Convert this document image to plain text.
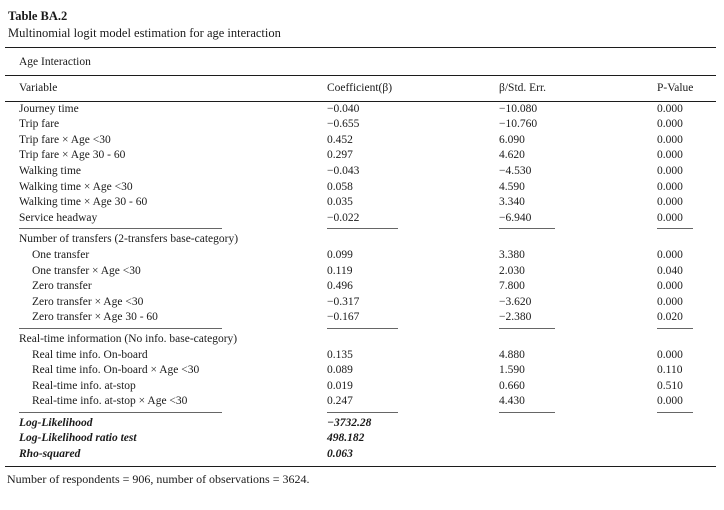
Table BA.2
Multinomial logit model estimation for age interaction
Age Interaction
Variable	Coefficient(β)	β/Std. Err.	P-Value
Journey time	−0.040	−10.080	0.000
Trip fare	−0.655	−10.760	0.000
Trip fare × Age <30	0.452	6.090	0.000
Trip fare × Age 30 - 60	0.297	4.620	0.000
Walking time	−0.043	−4.530	0.000
Walking time × Age <30	0.058	4.590	0.000
Walking time × Age 30 - 60	0.035	3.340	0.000
Service headway	−0.022	−6.940	0.000
Number of transfers (2-transfers base-category)
One transfer	0.099	3.380	0.000
One transfer × Age <30	0.119	2.030	0.040
Zero transfer	0.496	7.800	0.000
Zero transfer × Age <30	−0.317	−3.620	0.000
Zero transfer × Age 30 - 60	−0.167	−2.380	0.020
Real-time information (No info. base-category)
Real time info. On-board	0.135	4.880	0.000
Real time info. On-board × Age <30	0.089	1.590	0.110
Real-time info. at-stop	0.019	0.660	0.510
Real-time info. at-stop × Age <30	0.247	4.430	0.000
Log-Likelihood	−3732.28
Log-Likelihood ratio test	498.182
Rho-squared	0.063
Number of respondents = 906, number of observations = 3624.
